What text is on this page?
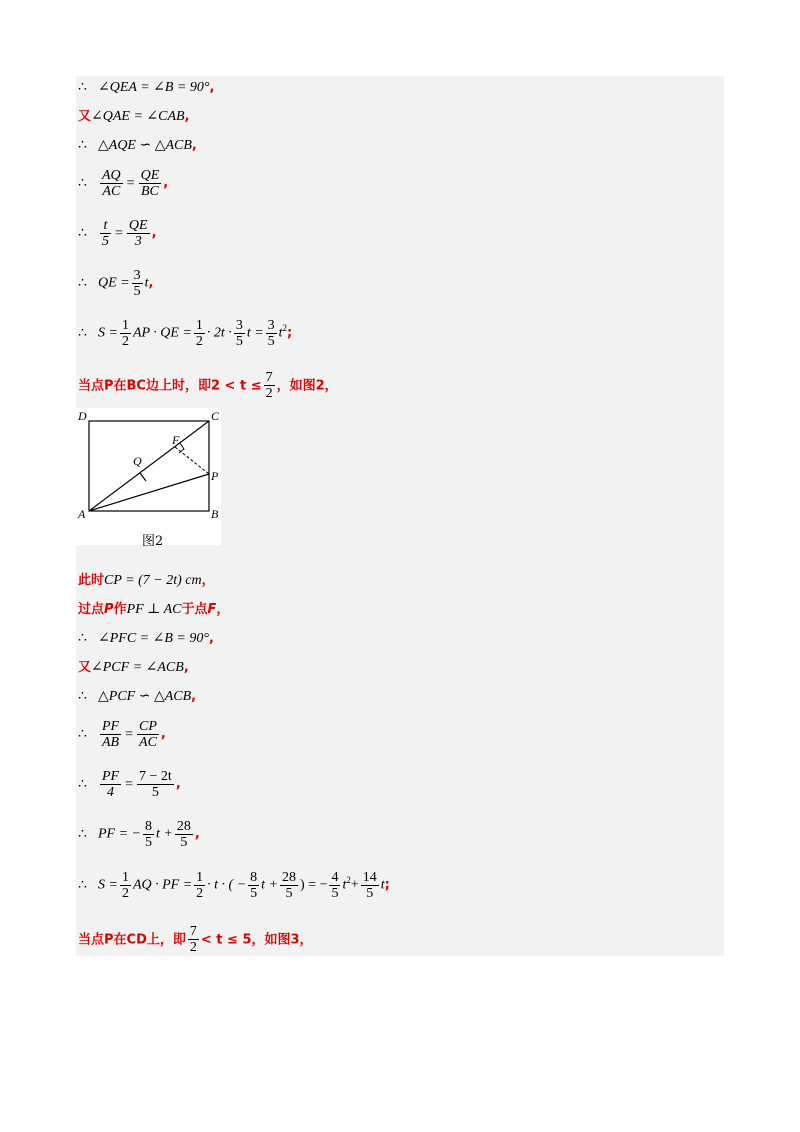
∴ ∠QEA = ∠B = 90°,
又∠QAE = ∠CAB,
∴ △AQE ∽ △ACB,
∴ $\frac{AQ}{AC} = \frac{QE}{BC}$ ,
∴ $\frac{t}{5} = \frac{QE}{3}$ ,
∴ QE = $\frac{3}{5} t$,
∴ $S = \frac{1}{2}$ AP · QE = $\frac{1}{2} \cdot 2t \cdot \frac{3}{5}$ $t = \frac{3}{5} t^2$;
当点P在BC边上时，即$2 < t \le \frac{7}{2}$ ，如图2，
D	C
F
Q
P
A	B
图2
此时CP = (7 − 2t) cm，
过点P作PF ⊥ AC于点F，
∴ ∠PFC = ∠B = 90°,
又∠PCF = ∠ACB,
∴ △PCF ∽ △ACB,
∴ $\frac{PF}{AB} = \frac{CP}{AC}$ ,
∴ $\frac{PF}{4} = \frac{7 - 2t}{5}$ ,
∴ PF = − $\frac{8}{5}$ $t + \frac{28}{5}$ ,
∴ $S = \frac{1}{2}$ AQ · PF = $\frac{1}{2} \cdot t$ · ( − $\frac{8}{5}$ $t + \frac{28}{5}$ ) = − $\frac{4}{5} t^2+ \frac{14}{5} t$;
当点P在CD上，即 $\frac{7}{2} < t \le 5$，如图3，
